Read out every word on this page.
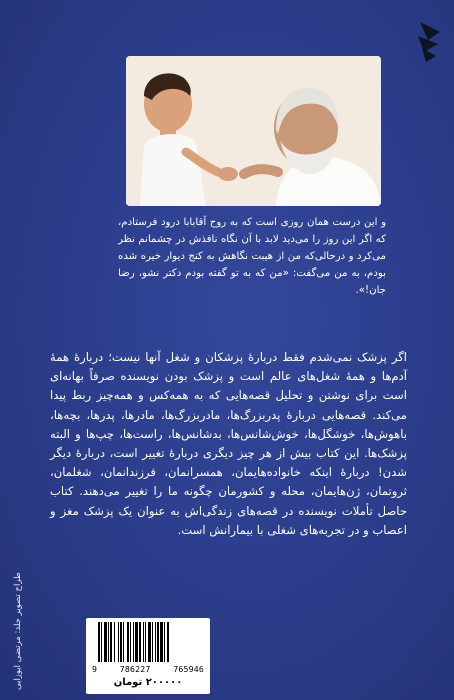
و این درست همان روزی است که به روح آقابابا درود فرستادم، که اگر این روز را می‌دید لابد با آن نگاه نافذش در چشمانم نظر می‌کرد و درحالی‌که من از هیبت نگاهش به کنج دیوار خیره شده بودم، به من می‌گفت: «من که به تو گفته بودم دکتر نشو، رضا جان!».
اگر پزشک نمی‌شدم فقط دربارهٔ پزشکان و شغل آنها نیست؛ دربارهٔ همهٔ آدم‌ها و همهٔ شغل‌های عالم است و پزشک بودن نویسنده صرفاً بهانه‌ای است برای نوشتن و تحلیل قصه‌هایی که به همه‌کس و همه‌چیز ربط پیدا می‌کند. قصه‌هایی دربارهٔ پدربزرگ‌ها، مادربزرگ‌ها، مادرها، پدرها، بچه‌ها، باهوش‌ها، خوشگل‌ها، خوش‌شانس‌ها، بدشانس‌ها، راست‌ها، چپ‌ها و البته پزشک‌ها. این کتاب بیش از هر چیز دیگری دربارهٔ تغییر است، دربارهٔ دیگر شدن! دربارهٔ اینکه خانواده‌هایمان، همسرانمان، فرزندانمان، شغلمان، ثروتمان، ژن‌هایمان، محله و کشورمان چگونه ما را تغییر می‌دهند. کتاب حاصل تأملات نویسنده در قصه‌های زندگی‌اش به عنوان یک پزشک مغز و اعصاب و در تجربه‌های شغلی با بیمارانش است.
طراح تصویر جلد: مرتضی ایوزایی	9	786227	765946
۲۰۰۰۰۰ تومان
